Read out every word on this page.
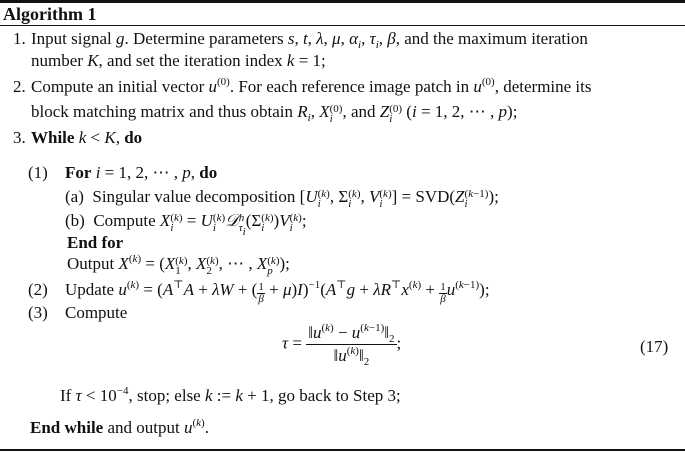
Algorithm 1
1. Input signal g. Determine parameters s, t, λ, μ, $\alpha_i$, $\tau_i$, β, and the maximum iteration
number K, and set the iteration index k = 1;
2. Compute an initial vector $u^{(0)}$. For each reference image patch in $u^{(0)}$, determine its
block matching matrix and thus obtain $R_i$, X (0)
i , and Z (0)
i (i = 1, 2, ⋯ , p);
3. While k < K, do
(1) For i = 1, 2, ⋯ , p, do
(a) Singular value decomposition [U (k)
i , Σ (k)
i , V (k)
i ] = SVD(Z (k−1)
i	);
(b) Compute X (k)
i = U (k)
i 𝒟 h
$\tau_i$
(Σ (k)
i )V (k)
i ;
End for
Output $X^{(k)} = (X$ (k)
1 , X (k)
2 , ⋯ , X (k)
p );
(2) Update $u^{(k)} = (A^⊤A + \lambda W$ + ( $\frac{1}{\beta} + \mu)I)^{-1}(A^⊤g + \lambda R^⊤x^{(k)} + \frac{1}{\beta} u^{(k-1)})$;
(3) Compute
$\tau = \frac{‖u^{(k)} - u^{(k-1)}‖_2}{‖u^{(k)}‖_2}$ ;	(17)
If $\tau < 10^{-4}$, stop; else k := k + 1, go back to Step 3;
End while and output $u^{(k)}$.
